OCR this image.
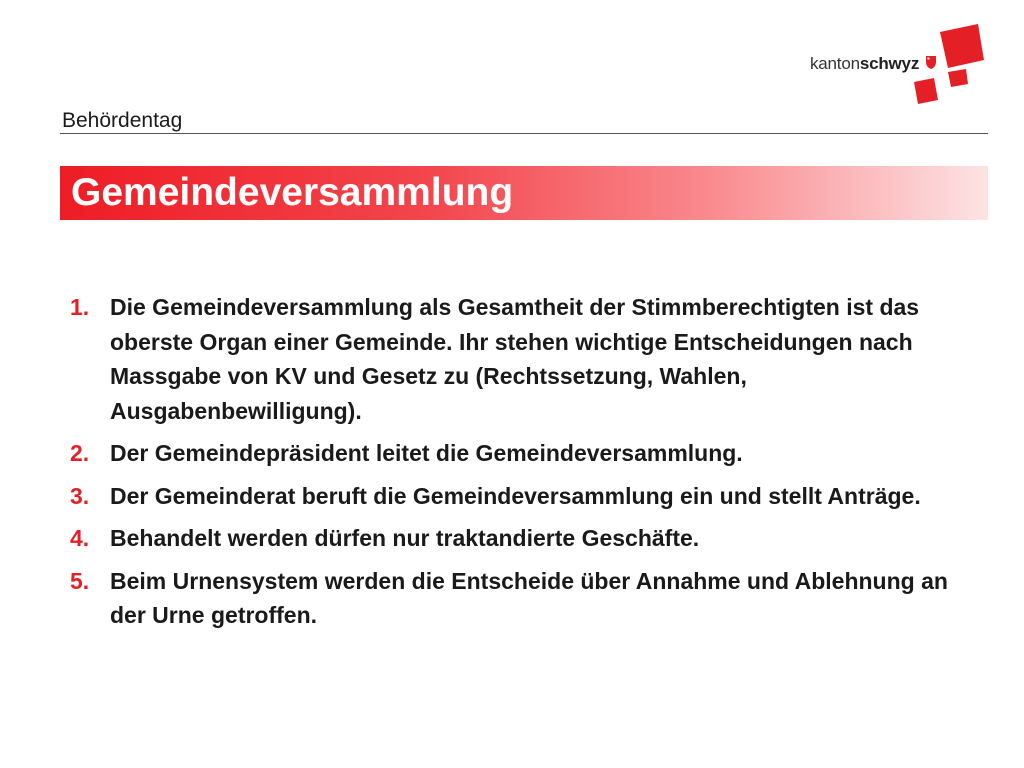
kantonschwyz
Behördentag
Gemeindeversammlung
1. Die Gemeindeversammlung als Gesamtheit der Stimmberechtigten ist das oberste Organ einer Gemeinde. Ihr stehen wichtige Entscheidungen nach Massgabe von KV und Gesetz zu (Rechtssetzung, Wahlen, Ausgabenbewilligung).
2. Der Gemeindepräsident leitet die Gemeindeversammlung.
3. Der Gemeinderat beruft die Gemeindeversammlung ein und stellt Anträge.
4. Behandelt werden dürfen nur traktandierte Geschäfte.
5. Beim Urnensystem werden die Entscheide über Annahme und Ablehnung an der Urne getroffen.
